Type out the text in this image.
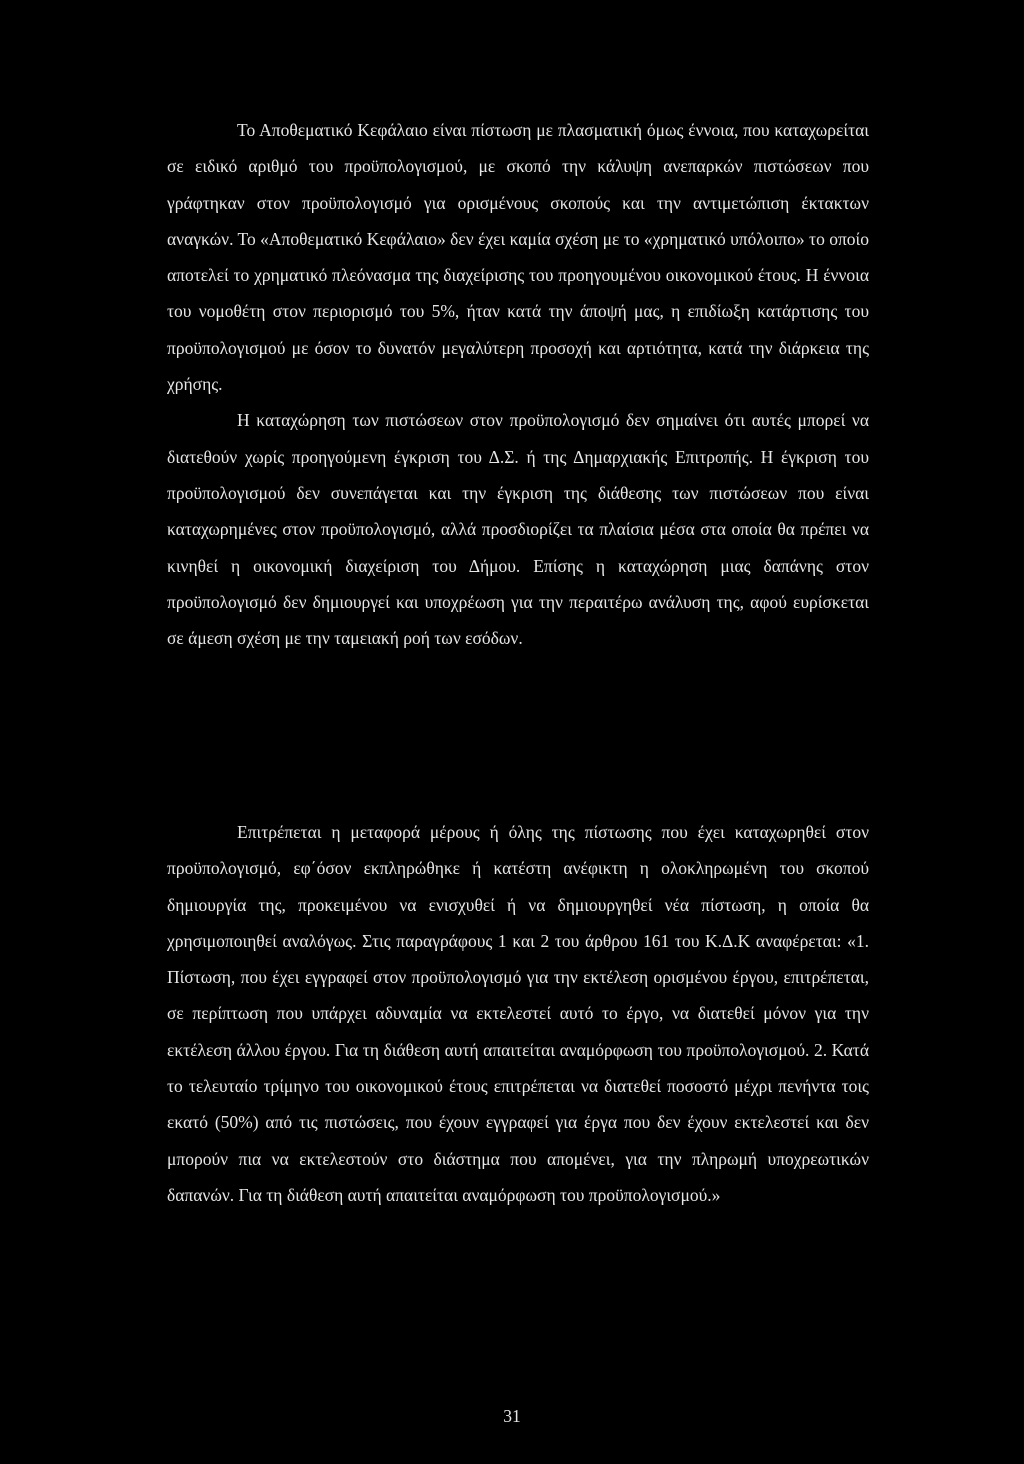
Το Αποθεματικό Κεφάλαιο είναι πίστωση με πλασματική όμως έννοια, που καταχωρείται σε ειδικό αριθμό του προϋπολογισμού, με σκοπό την κάλυψη ανεπαρκών πιστώσεων που γράφτηκαν στον προϋπολογισμό για ορισμένους σκοπούς και την αντιμετώπιση έκτακτων αναγκών. Το «Αποθεματικό Κεφάλαιο» δεν έχει καμία σχέση με το «χρηματικό υπόλοιπο» το οποίο αποτελεί το χρηματικό πλεόνασμα της διαχείρισης του προηγουμένου οικονομικού έτους. Η έννοια του νομοθέτη στον περιορισμό του 5%, ήταν κατά την άποψή μας, η επιδίωξη κατάρτισης του προϋπολογισμού με όσον το δυνατόν μεγαλύτερη προσοχή και αρτιότητα, κατά την διάρκεια της χρήσης.

Η καταχώρηση των πιστώσεων στον προϋπολογισμό δεν σημαίνει ότι αυτές μπορεί να διατεθούν χωρίς προηγούμενη έγκριση του Δ.Σ. ή της Δημαρχιακής Επιτροπής. Η έγκριση του προϋπολογισμού δεν συνεπάγεται και την έγκριση της διάθεσης των πιστώσεων που είναι καταχωρημένες στον προϋπολογισμό, αλλά προσδιορίζει τα πλαίσια μέσα στα οποία θα πρέπει να κινηθεί η οικονομική διαχείριση του Δήμου. Επίσης η καταχώρηση μιας δαπάνης στον προϋπολογισμό δεν δημιουργεί και υποχρέωση για την περαιτέρω ανάλυση της, αφού ευρίσκεται σε άμεση σχέση με την ταμειακή ροή των εσόδων.

Επιτρέπεται η μεταφορά μέρους ή όλης της πίστωσης που έχει καταχωρηθεί στον προϋπολογισμό, εφ΄όσον εκπληρώθηκε ή κατέστη ανέφικτη η ολοκληρωμένη του σκοπού δημιουργία της, προκειμένου να ενισχυθεί ή να δημιουργηθεί νέα πίστωση, η οποία θα χρησιμοποιηθεί αναλόγως. Στις παραγράφους 1 και 2 του άρθρου 161 του Κ.Δ.Κ αναφέρεται: «1. Πίστωση, που έχει εγγραφεί στον προϋπολογισμό για την εκτέλεση ορισμένου έργου, επιτρέπεται, σε περίπτωση που υπάρχει αδυναμία να εκτελεστεί αυτό το έργο, να διατεθεί μόνον για την εκτέλεση άλλου έργου. Για τη διάθεση αυτή απαιτείται αναμόρφωση του προϋπολογισμού. 2. Κατά το τελευταίο τρίμηνο του οικονομικού έτους επιτρέπεται να διατεθεί ποσοστό μέχρι πενήντα τοις εκατό (50%) από τις πιστώσεις, που έχουν εγγραφεί για έργα που δεν έχουν εκτελεστεί και δεν μπορούν πια να εκτελεστούν στο διάστημα που απομένει, για την πληρωμή υποχρεωτικών δαπανών. Για τη διάθεση αυτή απαιτείται αναμόρφωση του προϋπολογισμού.»

31
